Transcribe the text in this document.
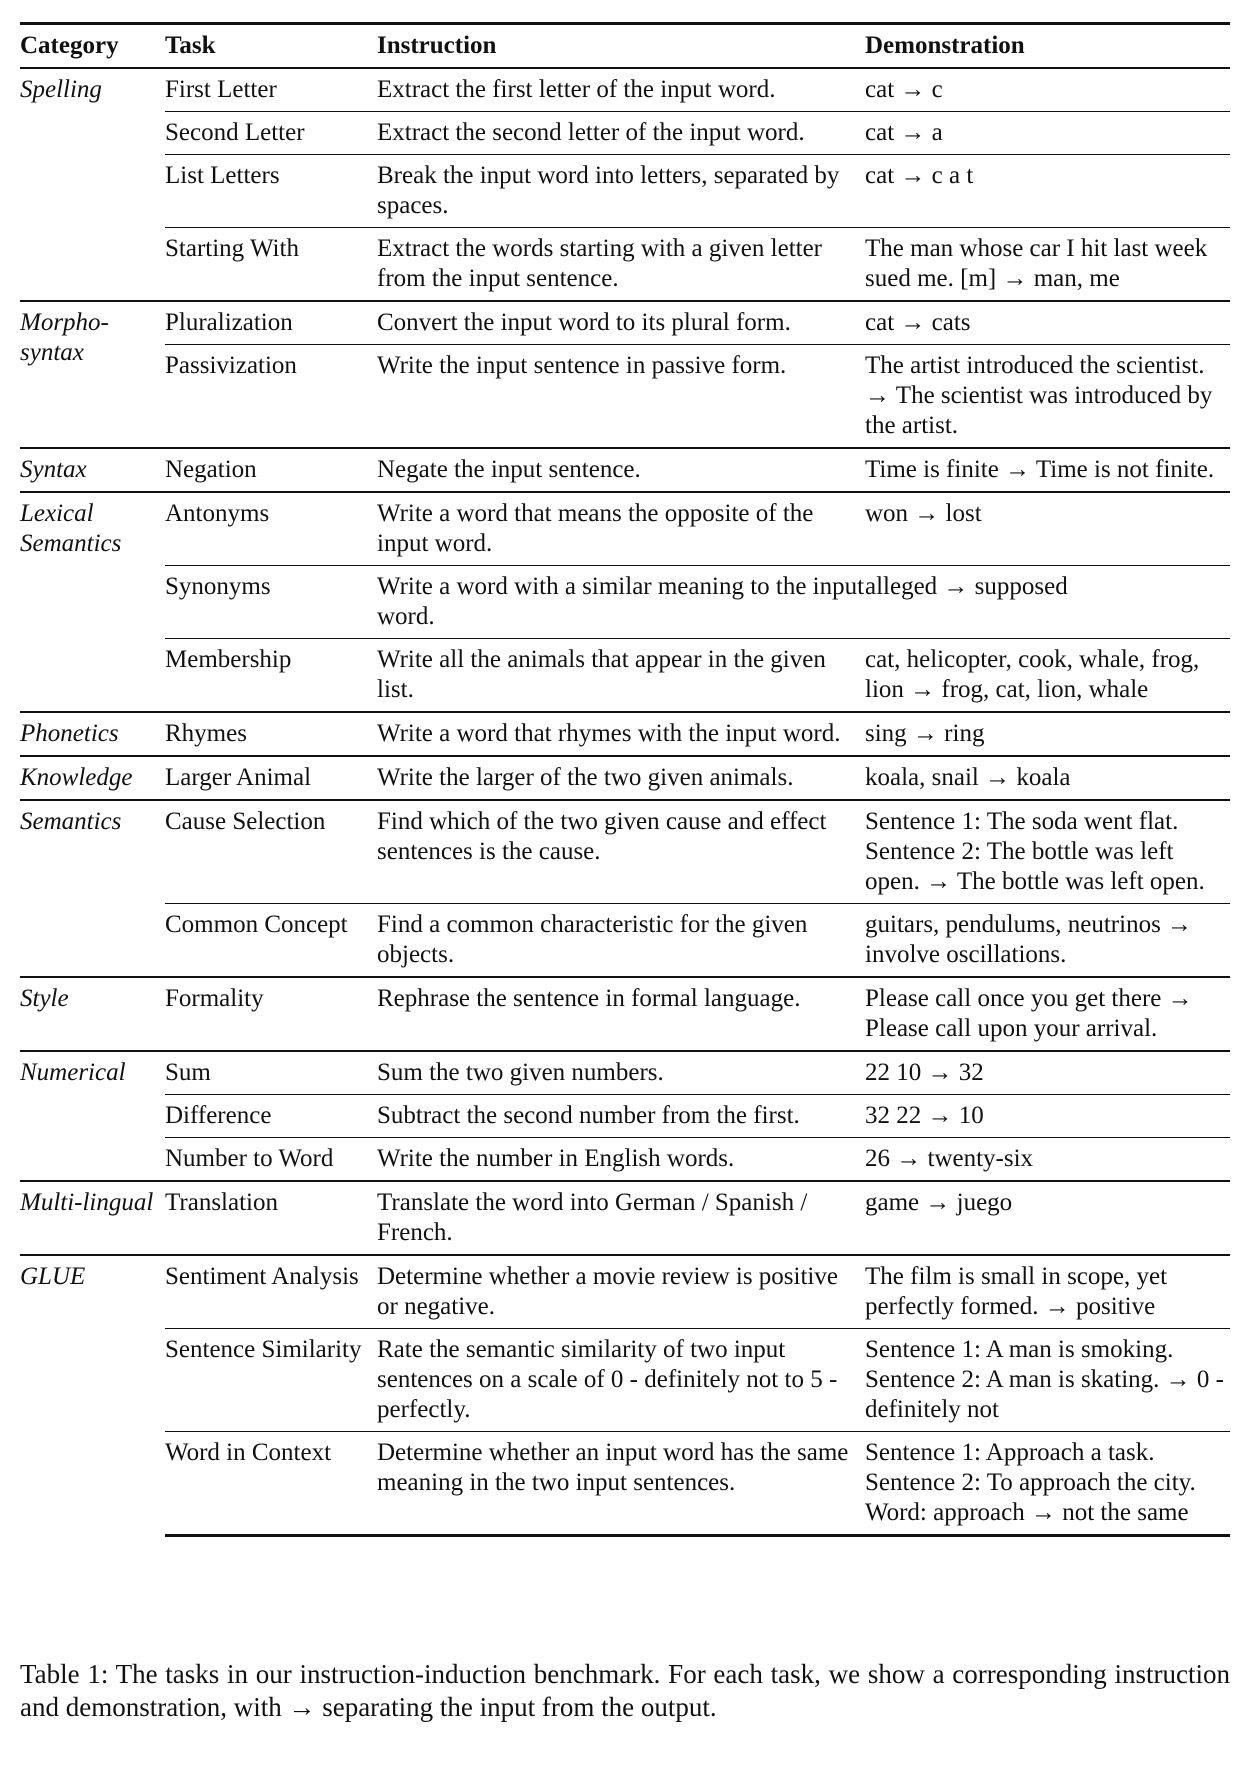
Category	Task	Instruction	Demonstration
Spelling	First Letter	Extract the first letter of the input word.	cat → c
	Second Letter	Extract the second letter of the input word.	cat → a
	List Letters	Break the input word into letters, separated by spaces.	cat → c a t
	Starting With	Extract the words starting with a given letter from the input sentence.	The man whose car I hit last week sued me. [m] → man, me
Morpho-syntax	Pluralization	Convert the input word to its plural form.	cat → cats
	Passivization	Write the input sentence in passive form.	The artist introduced the scientist. → The scientist was introduced by the artist.
Syntax	Negation	Negate the input sentence.	Time is finite → Time is not finite.
Lexical Semantics	Antonyms	Write a word that means the opposite of the input word.	won → lost
	Synonyms	Write a word with a similar meaning to the input word.	alleged → supposed
	Membership	Write all the animals that appear in the given list.	cat, helicopter, cook, whale, frog, lion → frog, cat, lion, whale
Phonetics	Rhymes	Write a word that rhymes with the input word.	sing → ring
Knowledge	Larger Animal	Write the larger of the two given animals.	koala, snail → koala
Semantics	Cause Selection	Find which of the two given cause and effect sentences is the cause.	Sentence 1: The soda went flat. Sentence 2: The bottle was left open. → The bottle was left open.
	Common Concept	Find a common characteristic for the given objects.	guitars, pendulums, neutrinos → involve oscillations.
Style	Formality	Rephrase the sentence in formal language.	Please call once you get there → Please call upon your arrival.
Numerical	Sum	Sum the two given numbers.	22 10 → 32
	Difference	Subtract the second number from the first.	32 22 → 10
	Number to Word	Write the number in English words.	26 → twenty-six
Multi-lingual	Translation	Translate the word into German / Spanish / French.	game → juego
GLUE	Sentiment Analysis	Determine whether a movie review is positive or negative.	The film is small in scope, yet perfectly formed. → positive
	Sentence Similarity	Rate the semantic similarity of two input sentences on a scale of 0 - definitely not to 5 - perfectly.	Sentence 1: A man is smoking. Sentence 2: A man is skating. → 0 - definitely not
	Word in Context	Determine whether an input word has the same meaning in the two input sentences.	Sentence 1: Approach a task. Sentence 2: To approach the city. Word: approach → not the same
Table 1: The tasks in our instruction-induction benchmark. For each task, we show a corresponding instruction and demonstration, with → separating the input from the output.
